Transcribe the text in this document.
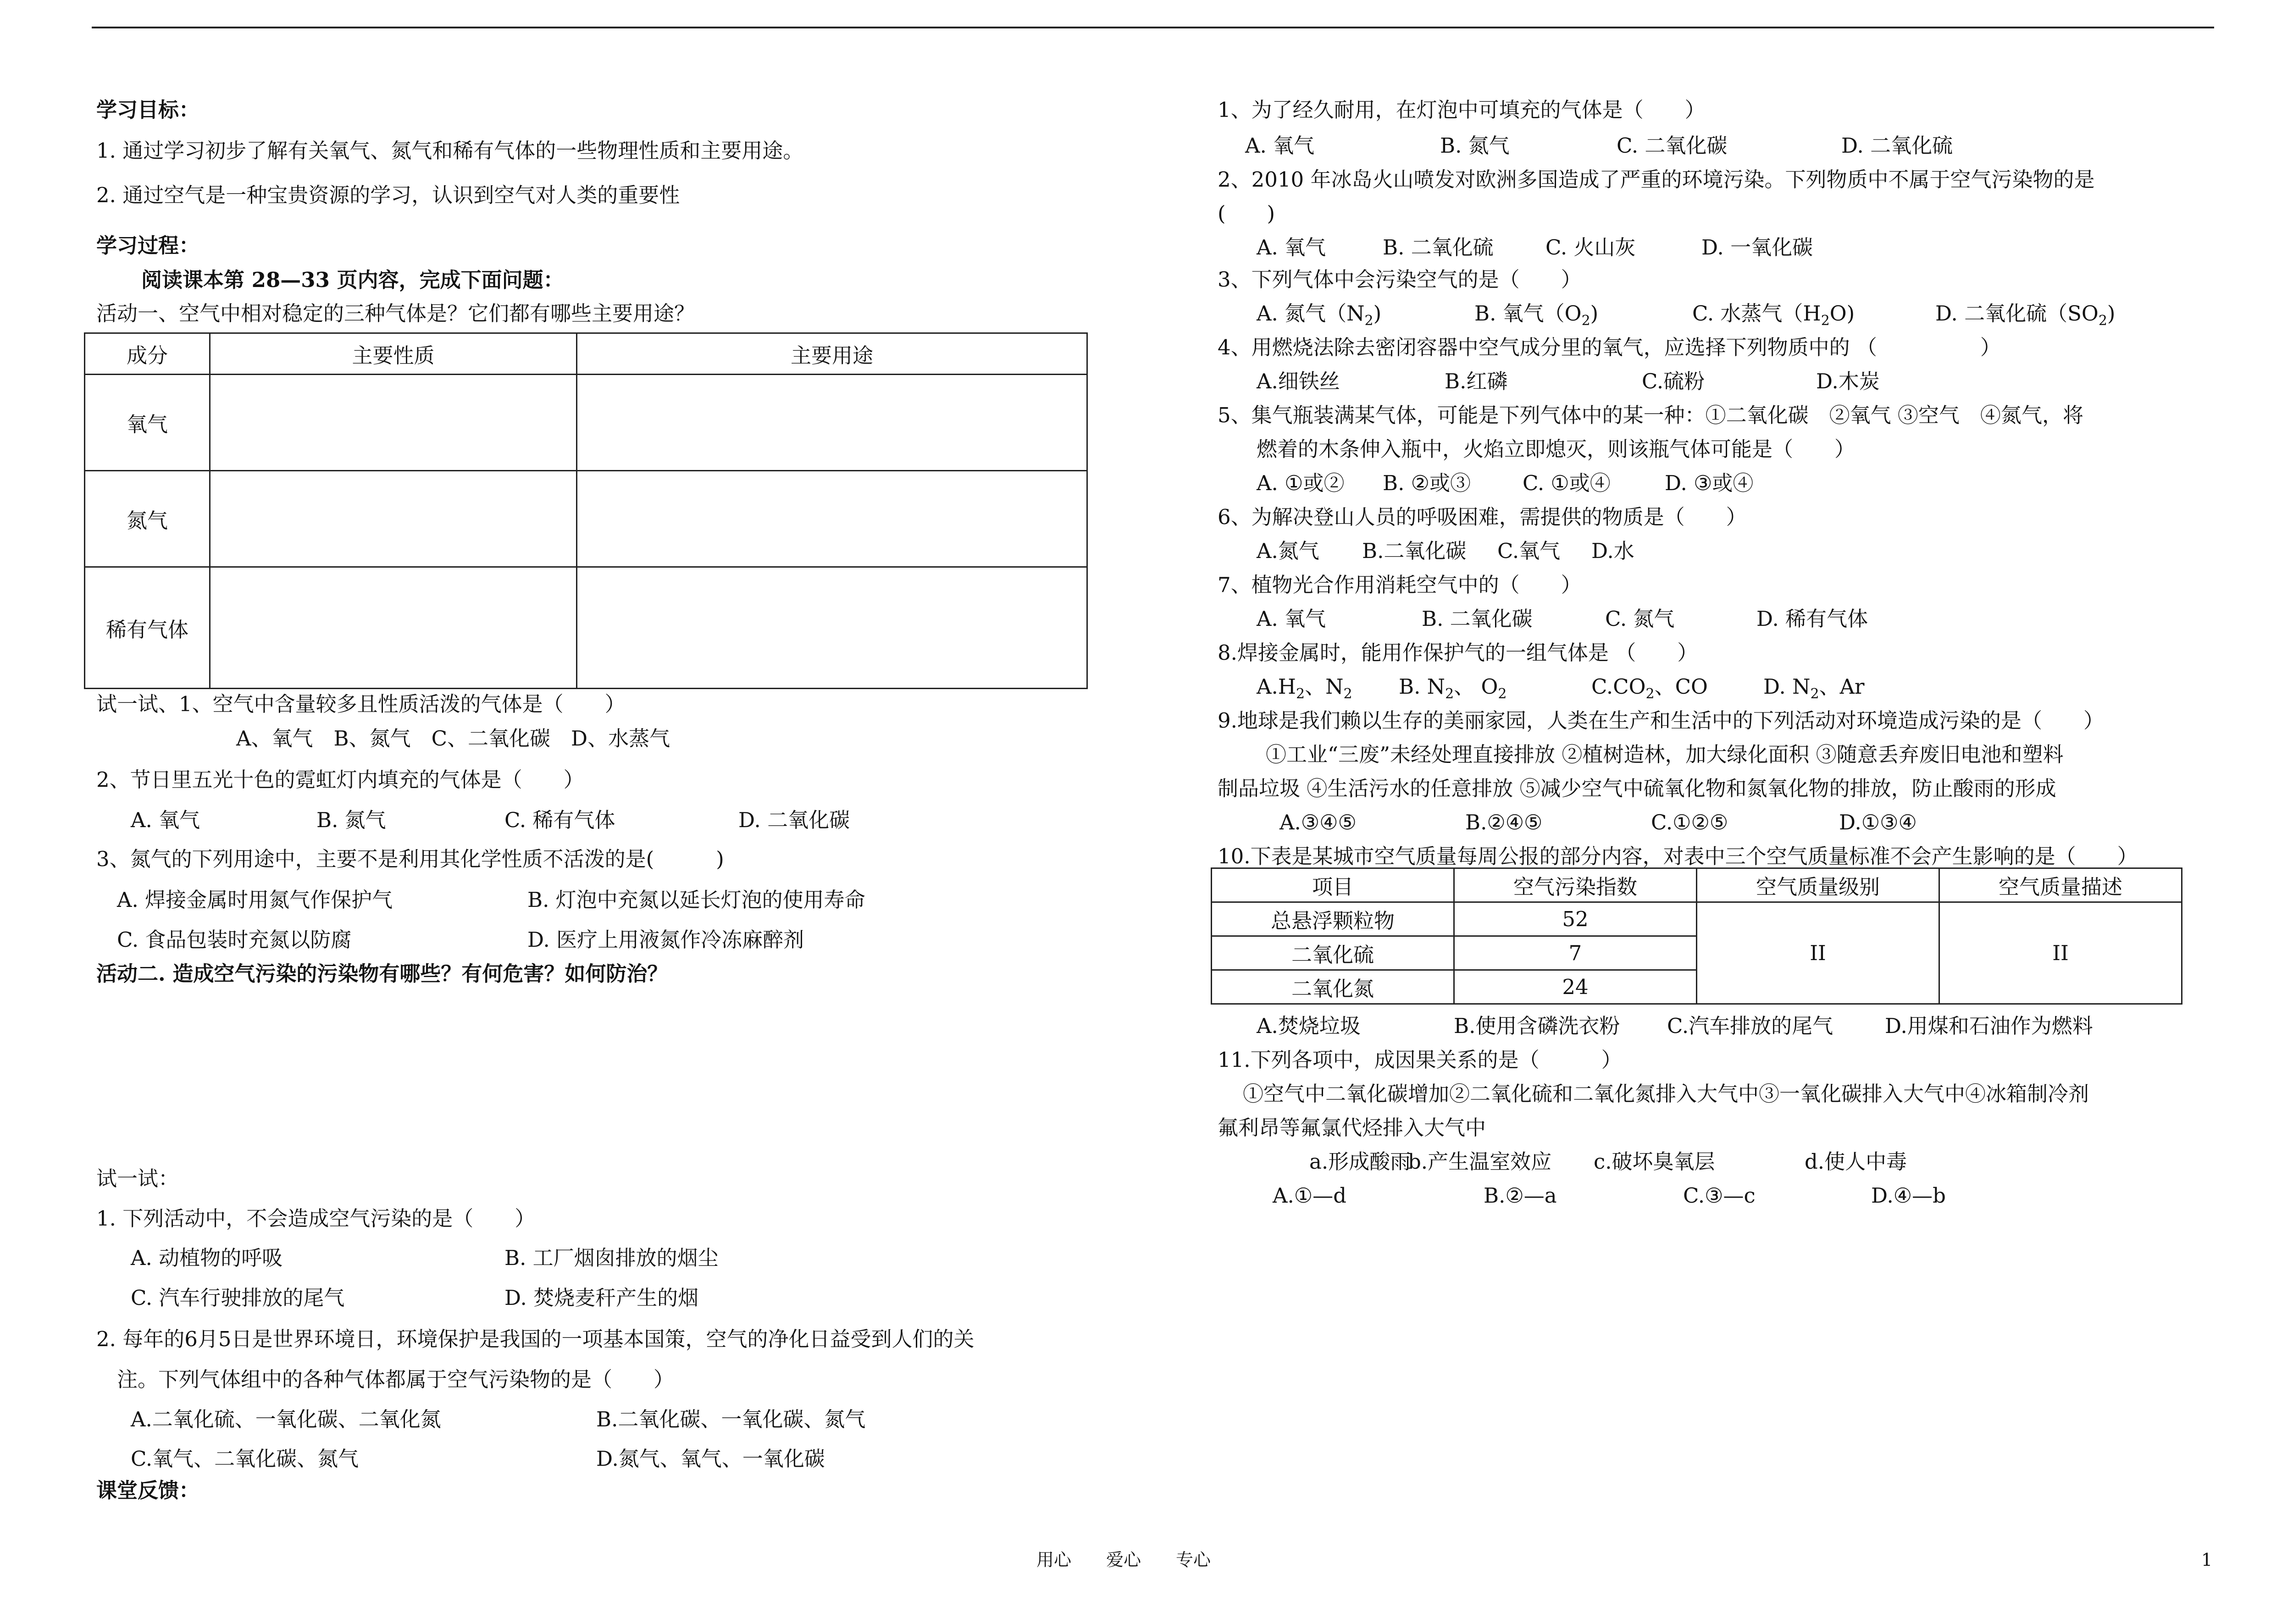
学习目标：
1. 通过学习初步了解有关氧气、氮气和稀有气体的一些物理性质和主要用途。
2. 通过空气是一种宝贵资源的学习，认识到空气对人类的重要性
学习过程：
阅读课本第 28—33 页内容，完成下面问题：
活动一、空气中相对稳定的三种气体是？它们都有哪些主要用途？
成分	主要性质	主要用途
氧气		
氮气		
稀有气体		
试一试、1、空气中含量较多且性质活泼的气体是（　　）
A、氧气　B、氮气　C、二氧化碳　D、水蒸气
2、节日里五光十色的霓虹灯内填充的气体是（　　）
A. 氧气	B. 氮气	C. 稀有气体	D. 二氧化碳
3、氮气的下列用途中，主要不是利用其化学性质不活泼的是(　　　)
A. 焊接金属时用氮气作保护气	B. 灯泡中充氮以延长灯泡的使用寿命
C. 食品包装时充氮以防腐	D. 医疗上用液氮作冷冻麻醉剂
活动二. 造成空气污染的污染物有哪些？有何危害？如何防治？
试一试：
1. 下列活动中，不会造成空气污染的是（　　）
A. 动植物的呼吸	B. 工厂烟囱排放的烟尘
C. 汽车行驶排放的尾气	D. 焚烧麦秆产生的烟
2. 每年的6月5日是世界环境日，环境保护是我国的一项基本国策，空气的净化日益受到人们的关
注。下列气体组中的各种气体都属于空气污染物的是（　　）
A.二氧化硫、一氧化碳、二氧化氮	B.二氧化碳、一氧化碳、氮气
C.氧气、二氧化碳、氮气	D.氮气、氧气、一氧化碳
课堂反馈：
1、为了经久耐用，在灯泡中可填充的气体是（　　）
A. 氧气	B. 氮气	C. 二氧化碳	D. 二氧化硫
2、2010 年冰岛火山喷发对欧洲多国造成了严重的环境污染。下列物质中不属于空气污染物的是
(　　)
A. 氧气	B. 二氧化硫	C. 火山灰	D. 一氧化碳
3、下列气体中会污染空气的是（　　）
A. 氮气$(N_2)$	B. 氧气$(O_2)$	C. 水蒸气$(H_2O)$	D. 二氧化硫$(SO_2)$
4、用燃烧法除去密闭容器中空气成分里的氧气，应选择下列物质中的 （　　　　　）
A.细铁丝	B.红磷	C.硫粉	D.木炭
5、集气瓶装满某气体，可能是下列气体中的某一种：①二氧化碳　②氧气 ③空气　④氮气，将
燃着的木条伸入瓶中，火焰立即熄灭，则该瓶气体可能是（　　）
A. ①或② B. ②或③	C. ①或④	D. ③或④
6、为解决登山人员的呼吸困难，需提供的物质是（　　）
A.氮气 B.二氧化碳 C.氧气 D.水
7、植物光合作用消耗空气中的（　　）
A. 氧气	B. 二氧化碳	C. 氮气	D. 稀有气体
8.焊接金属时，能用作保护气的一组气体是 （　　）
$A.H_2$、$N_2$ B. $N_2$、 $O_2$	$C.CO_2$、CO	D. $N_2$、Ar
9.地球是我们赖以生存的美丽家园，人类在生产和生活中的下列活动对环境造成污染的是（　　）
①工业“三废”未经处理直接排放 ②植树造林，加大绿化面积 ③随意丢弃废旧电池和塑料
制品垃圾 ④生活污水的任意排放 ⑤减少空气中硫氧化物和氮氧化物的排放，防止酸雨的形成
A.③④⑤	B.②④⑤	C.①②⑤	D.①③④
10.下表是某城市空气质量每周公报的部分内容，对表中三个空气质量标准不会产生影响的是（　　）
项目	空气污染指数	空气质量级别	空气质量描述
总悬浮颗粒物	52	II	II
二氧化硫	7		
二氧化氮	24		
A.焚烧垃圾	B.使用含磷洗衣粉 C.汽车排放的尾气	D.用煤和石油作为燃料
11.下列各项中，成因果关系的是（　　　）
①空气中二氧化碳增加②二氧化硫和二氧化氮排入大气中③一氧化碳排入大气中④冰箱制冷剂
氟利昂等氟氯代烃排入大气中
a.形成酸雨
b.产生温室效应 c.破坏臭氧层	d.使人中毒
A.①—d	B.②—a	C.③—c	D.④—b
用心　　爱心　　专心	1
